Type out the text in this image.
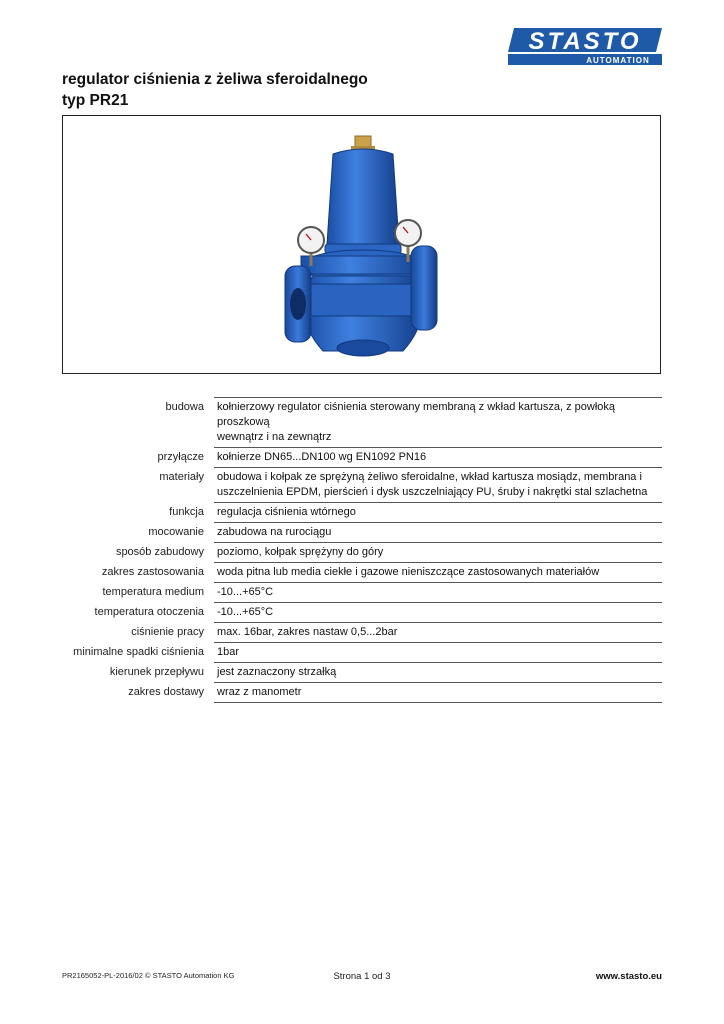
STASTO
AUTOMATION
regulator ciśnienia z żeliwa sferoidalnego
typ PR21
budowa	kołnierzowy regulator ciśnienia sterowany membraną z wkład kartusza, z powłoką proszkową
wewnątrz i na zewnątrz

przyłącze	kołnierze DN65...DN100 wg EN1092 PN16

materiały	obudowa i kołpak ze sprężyną żeliwo sferoidalne, wkład kartusza mosiądz, membrana i
uszczelnienia EPDM, pierścień i dysk uszczelniający PU, śruby i nakrętki stal szlachetna

funkcja	regulacja ciśnienia wtórnego

mocowanie	zabudowa na rurociągu

sposób zabudowy	poziomo, kołpak sprężyny do góry

zakres zastosowania	woda pitna lub media ciekłe i gazowe nieniszczące zastosowanych materiałów

temperatura medium	-10...+65°C

temperatura otoczenia	-10...+65°C

ciśnienie pracy	max. 16bar, zakres nastaw 0,5...2bar

minimalne spadki ciśnienia	1bar

kierunek przepływu	jest zaznaczony strzałką

zakres dostawy	wraz z manometr
PR2165052-PL-2016/02 © STASTO Automation KG	Strona 1 od 3	www.stasto.eu
